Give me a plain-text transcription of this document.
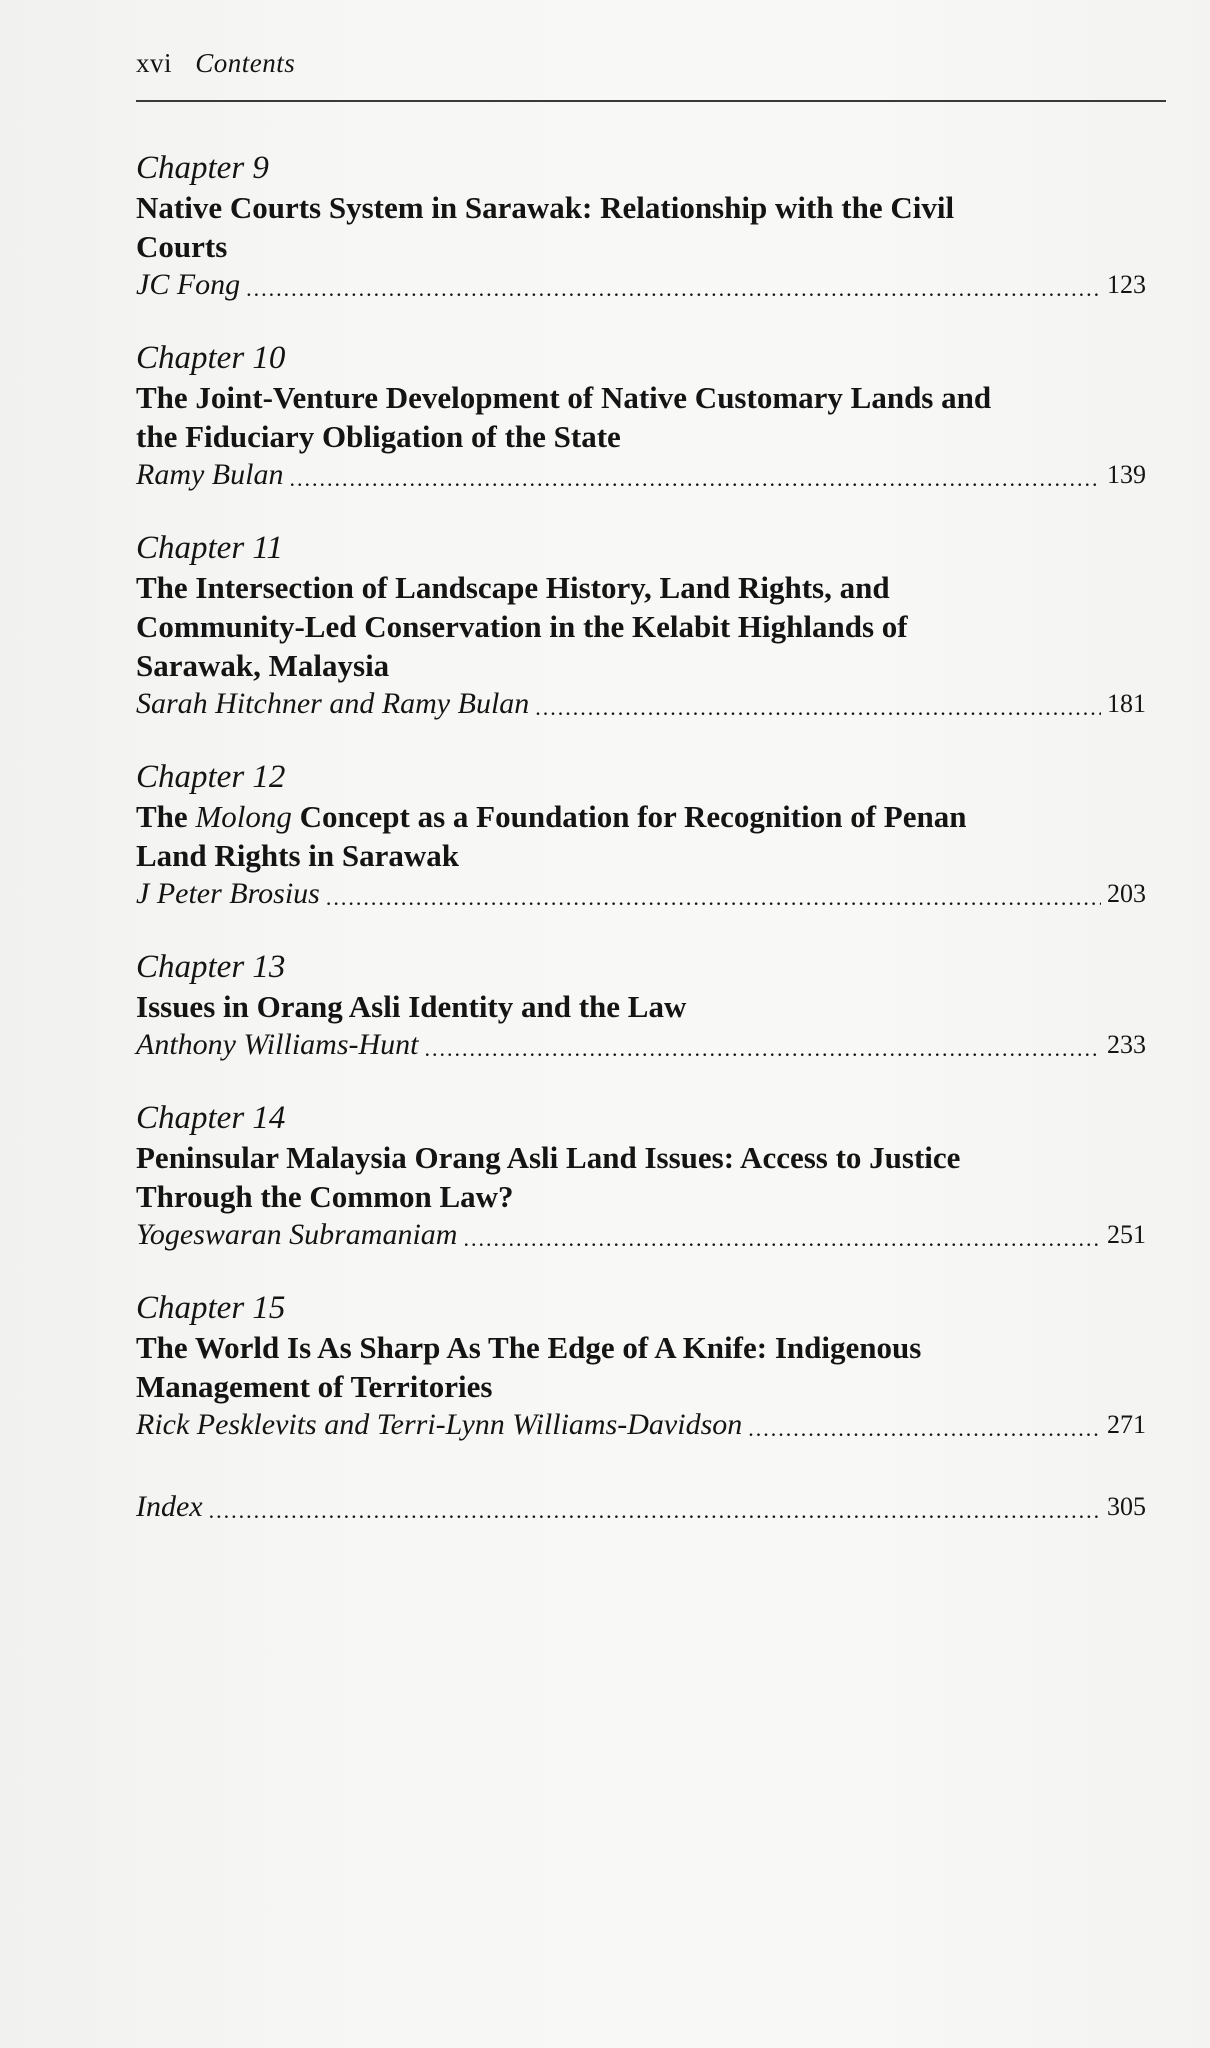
xvi Contents
Chapter 9
Native Courts System in Sarawak: Relationship with the Civil Courts
JC Fong .....	123
Chapter 10
The Joint-Venture Development of Native Customary Lands and the Fiduciary Obligation of the State
Ramy Bulan .....	139
Chapter 11
The Intersection of Landscape History, Land Rights, and Community-Led Conservation in the Kelabit Highlands of Sarawak, Malaysia
Sarah Hitchner and Ramy Bulan .....	181
Chapter 12
The Molong Concept as a Foundation for Recognition of Penan Land Rights in Sarawak
J Peter Brosius .....	203
Chapter 13
Issues in Orang Asli Identity and the Law
Anthony Williams-Hunt .....	233
Chapter 14
Peninsular Malaysia Orang Asli Land Issues: Access to Justice Through the Common Law?
Yogeswaran Subramaniam .....	251
Chapter 15
The World Is As Sharp As The Edge of A Knife: Indigenous Management of Territories
Rick Pesklevits and Terri-Lynn Williams-Davidson .....	271
Index .....	305
